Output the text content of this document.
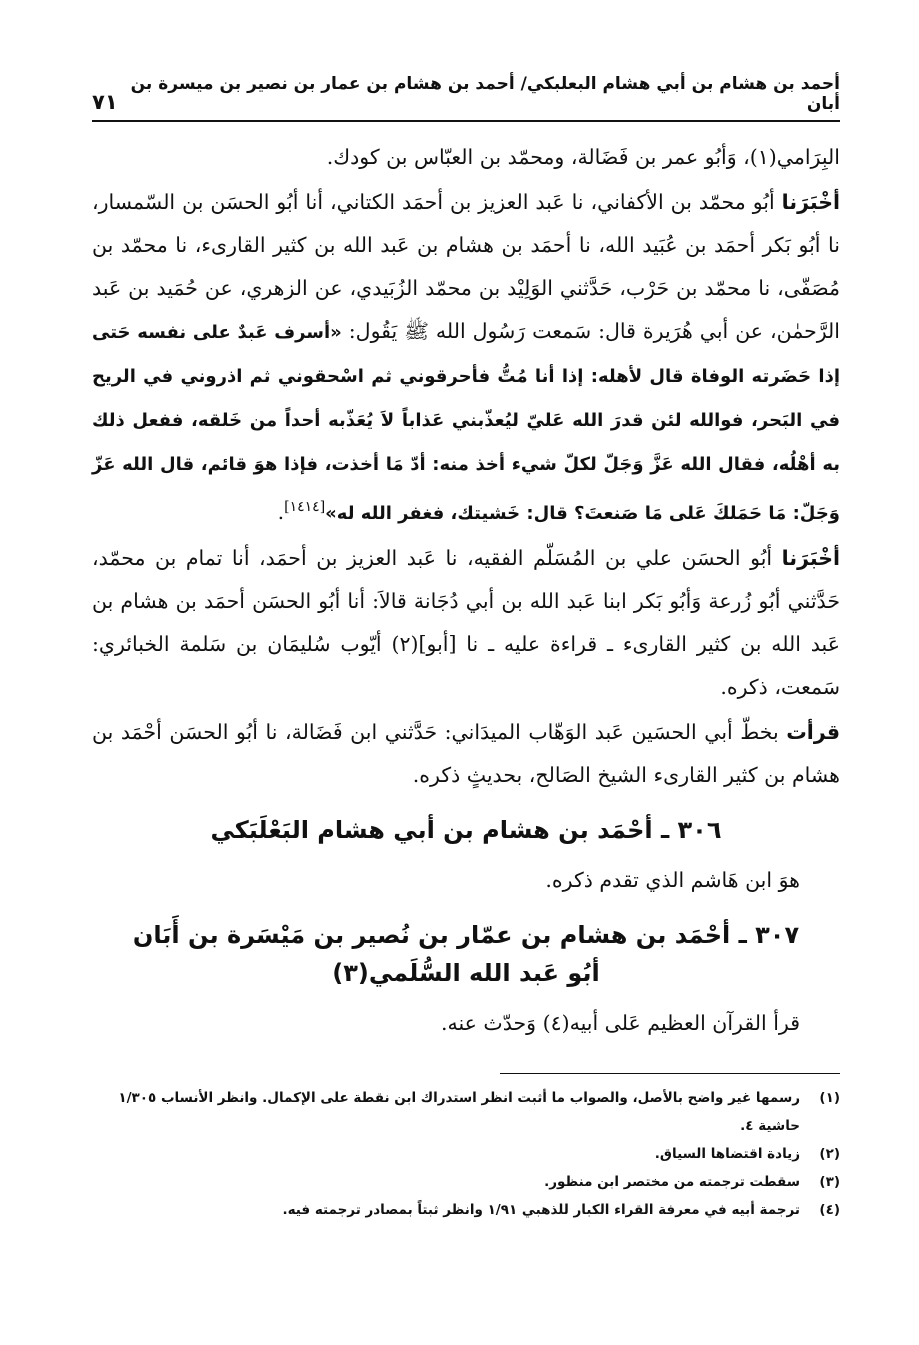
أحمد بن هشام بن أبي هشام البعلبكي/ أحمد بن هشام بن عمار بن نصير بن ميسرة بن أبان
٧١

البِرَامي(١)، وَأبُو عمر بن فَضَالة، ومحمّد بن العبّاس بن كودك.

أخْبَرَنا أبُو محمّد بن الأكفاني، نا عَبد العزيز بن أحمَد الكتاني، أنا أبُو الحسَن بن السّمسار، نا أبُو بَكر أحمَد بن عُبَيد الله، نا أحمَد بن هشام بن عَبد الله بن كثير القارىء، نا محمّد بن مُصَفّى، نا محمّد بن حَرْب، حَدَّثني الوَلِيْد بن محمّد الزُبَيدي، عن الزهري، عن حُمَيد بن عَبد الرَّحمٰن، عن أبي هُرَيرة قال: سَمعت رَسُول الله ﷺ يَقُول: «أسرف عَبدٌ على نفسه حَتى إذا حَضَرته الوفاة قال لأهله: إذا أنا مُتُّ فأحرقوني ثم اسْحقوني ثم اذروني في الريح في البَحر، فوالله لئن قدرَ الله عَليّ ليُعذّبني عَذاباً لاَ يُعَذّبه أحداً من خَلقه، ففعل ذلك به أهْلُه، فقال الله عَزَّ وَجَلّ لكلّ شيء أخذ منه: أدّ مَا أخذت، فإذا هوَ قائم، قال الله عَزّ وَجَلّ: مَا حَمَلكَ عَلى مَا صَنعتَ؟ قال: خَشيتك، فغفر الله له»[١٤١٤].

أخْبَرَنا أبُو الحسَن علي بن المُسَلّم الفقيه، نا عَبد العزيز بن أحمَد، أنا تمام بن محمّد، حَدَّثني أبُو زُرعة وَأبُو بَكر ابنا عَبد الله بن أبي دُجَانة قالاَ: أنا أبُو الحسَن أحمَد بن هشام بن عَبد الله بن كثير القارىء ـ قراءة عليه ـ نا [أبو](٢) أيّوب سُليمَان بن سَلمة الخبائري: سَمعت، ذكره.

قرأت بخطّ أبي الحسَين عَبد الوَهّاب الميدَاني: حَدَّثني ابن فَضَالة، نا أبُو الحسَن أحْمَد بن هشام بن كثير القارىء الشيخ الصَالح، بحديثٍ ذكره.

٣٠٦ ـ أحْمَد بن هشام بن أبي هشام البَعْلَبَكي

هوَ ابن هَاشم الذي تقدم ذكره.

٣٠٧ ـ أحْمَد بن هشام بن عمّار بن نُصير بن مَيْسَرة بن أَبَان
أبُو عَبد الله السُّلَمي(٣)

قرأ القرآن العظيم عَلى أبيه(٤) وَحدّث عنه.

(١)
رسمها غير واضح بالأصل، والصواب ما أثبت انظر استدراك ابن نقطة على الإكمال. وانظر الأنساب ١/٣٠٥ حاشية ٤.
(٢)
زيادة اقتضاها السياق.
(٣)
سقطت ترجمته من مختصر ابن منظور.
(٤)
ترجمة أبيه في معرفة القراء الكبار للذهبي ١/٩١ وانظر ثبتاً بمصادر ترجمته فيه.
